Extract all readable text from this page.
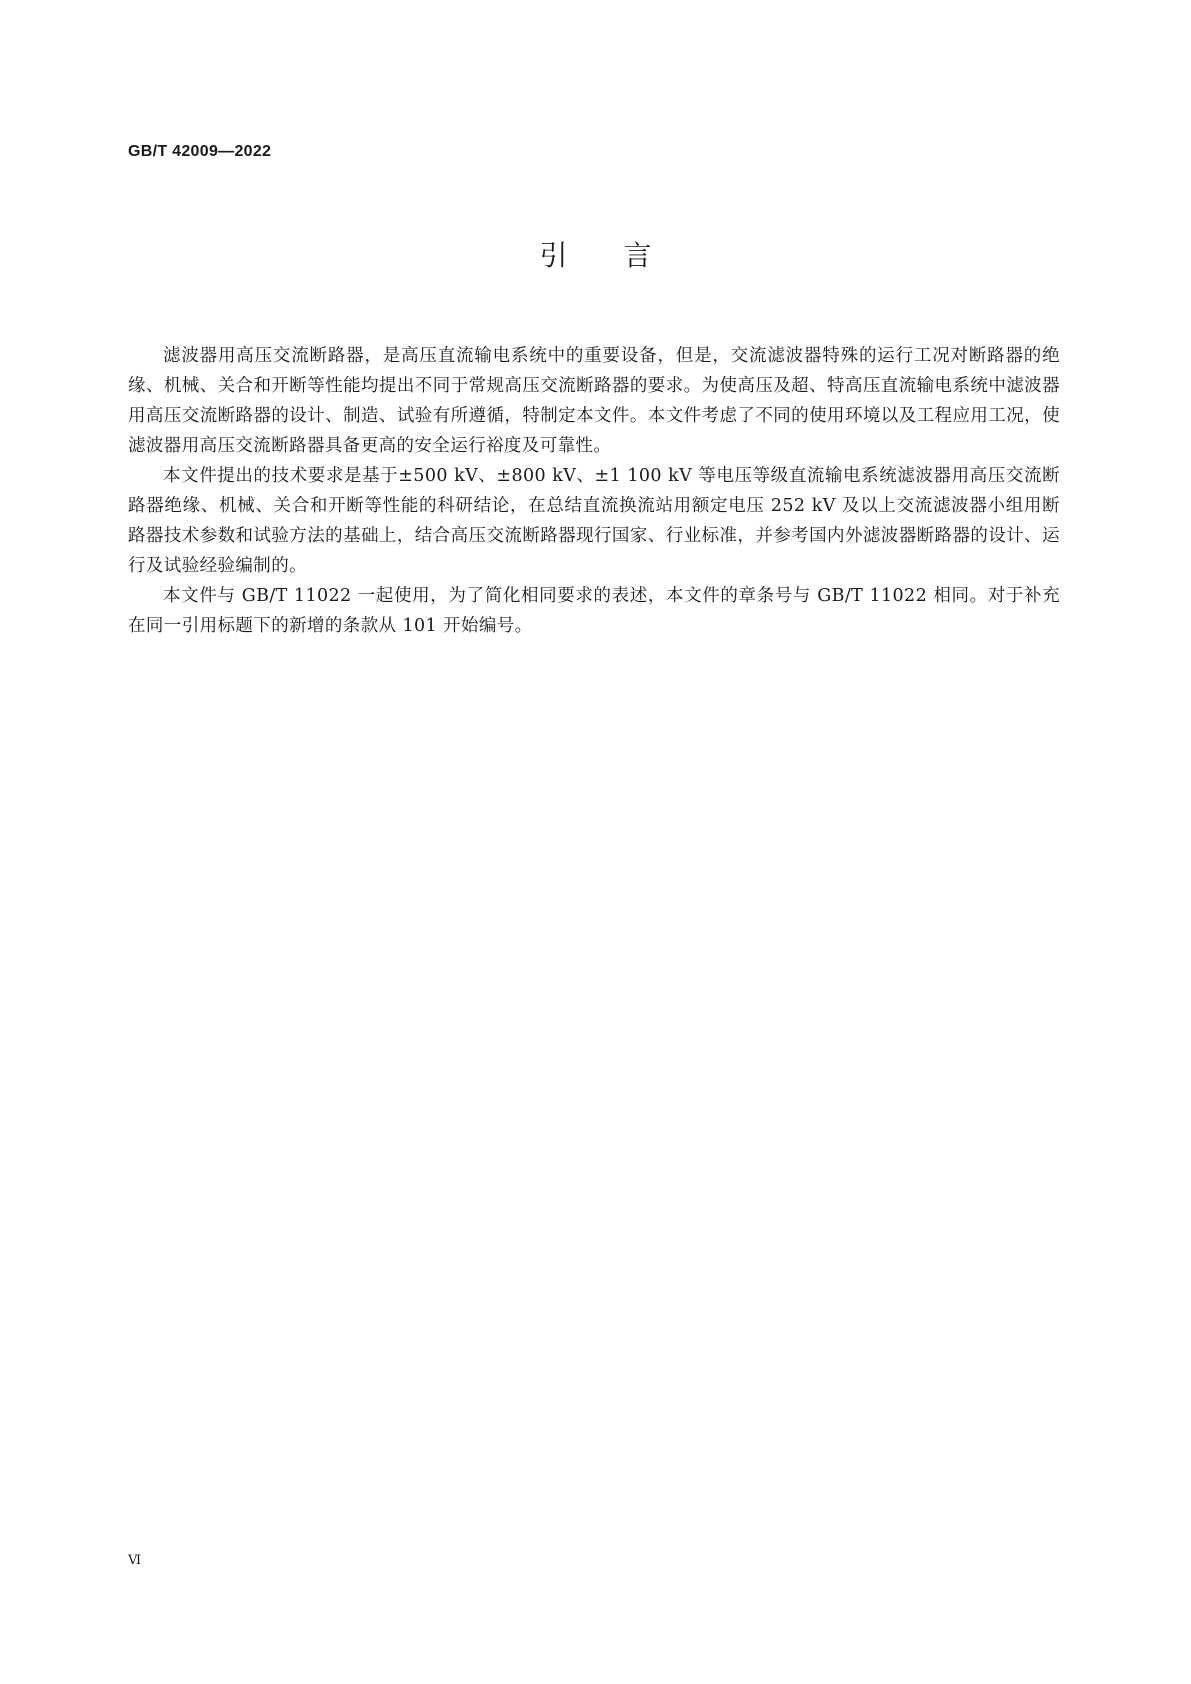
GB/T 42009—2022

引言

滤波器用高压交流断路器，是高压直流输电系统中的重要设备，但是，交流滤波器特殊的运行工况对断路器的绝缘、机械、关合和开断等性能均提出不同于常规高压交流断路器的要求。为使高压及超、特高压直流输电系统中滤波器用高压交流断路器的设计、制造、试验有所遵循，特制定本文件。本文件考虑了不同的使用环境以及工程应用工况，使滤波器用高压交流断路器具备更高的安全运行裕度及可靠性。

本文件提出的技术要求是基于±500 kV、±800 kV、±1 100 kV 等电压等级直流输电系统滤波器用高压交流断路器绝缘、机械、关合和开断等性能的科研结论，在总结直流换流站用额定电压 252 kV 及以上交流滤波器小组用断路器技术参数和试验方法的基础上，结合高压交流断路器现行国家、行业标准，并参考国内外滤波器断路器的设计、运行及试验经验编制的。

本文件与 GB/T 11022 一起使用，为了简化相同要求的表述，本文件的章条号与 GB/T 11022 相同。对于补充在同一引用标题下的新增的条款从 101 开始编号。

Ⅵ
